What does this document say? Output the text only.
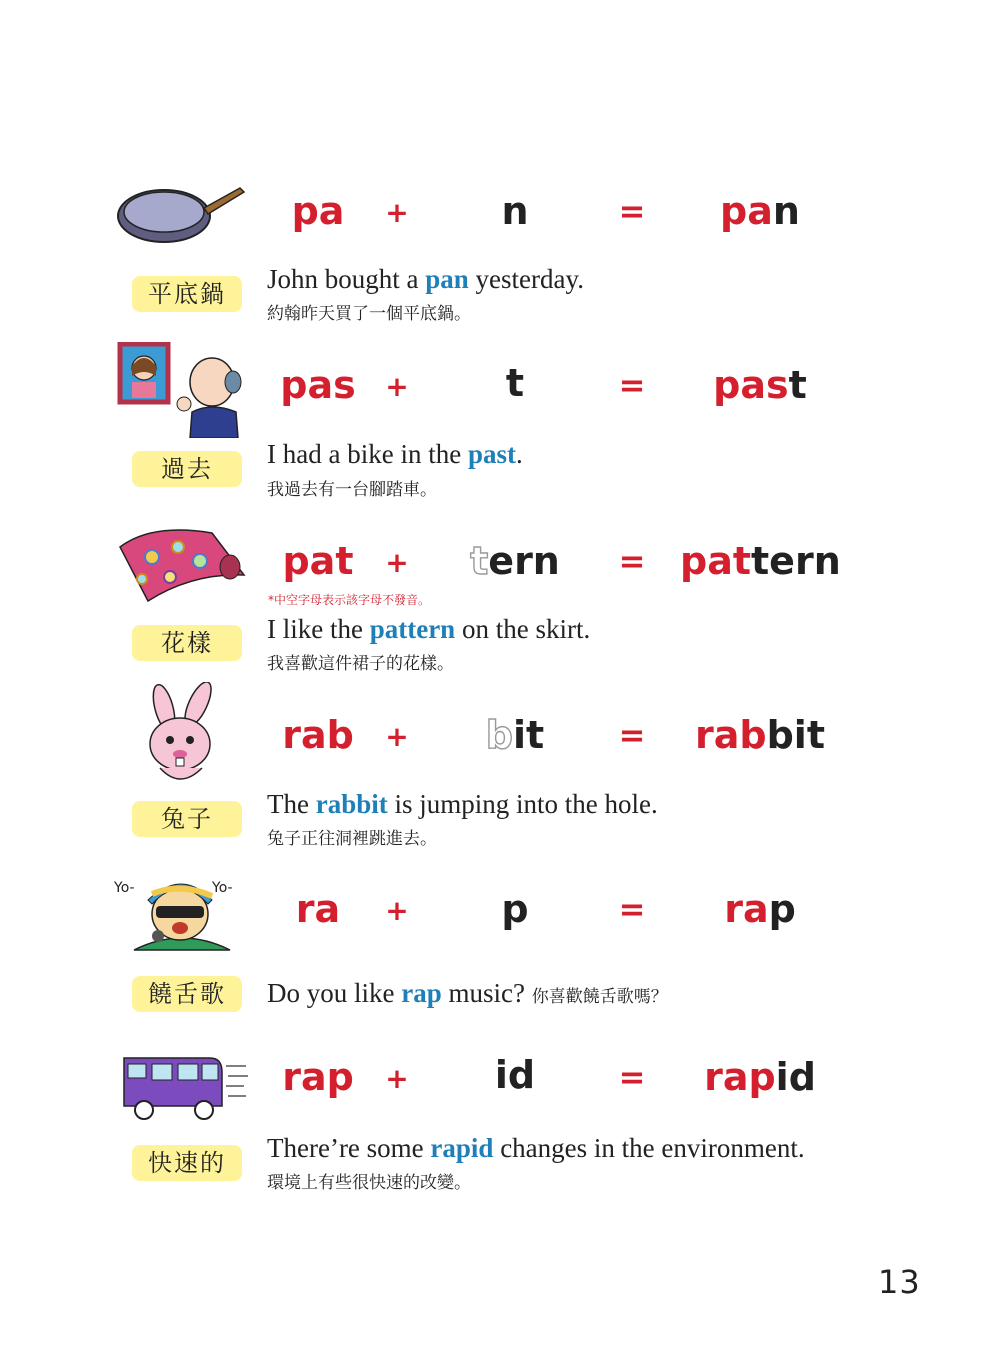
pa	+	n	=	pan
平底鍋	John bought a pan yesterday.
約翰昨天買了一個平底鍋。
pas +	t	=	past
過去	I had a bike in the past.
我過去有一台腳踏車。
pat + tern	= pattern
*中空字母表示該字母不發音。
花樣	I like the pattern on the skirt.
我喜歡這件裙子的花樣。
rab +	bit	=	rabbit
兔子	The rabbit is jumping into the hole.
兔子正往洞裡跳進去。
Yo-	Yo-	ra	+	p	=	rap
饒舌歌	Do you like rap music? 你喜歡饒舌歌嗎？
rap +	id	=	rapid
快速的	There’re some rapid changes in the environment.
環境上有些很快速的改變。
13
